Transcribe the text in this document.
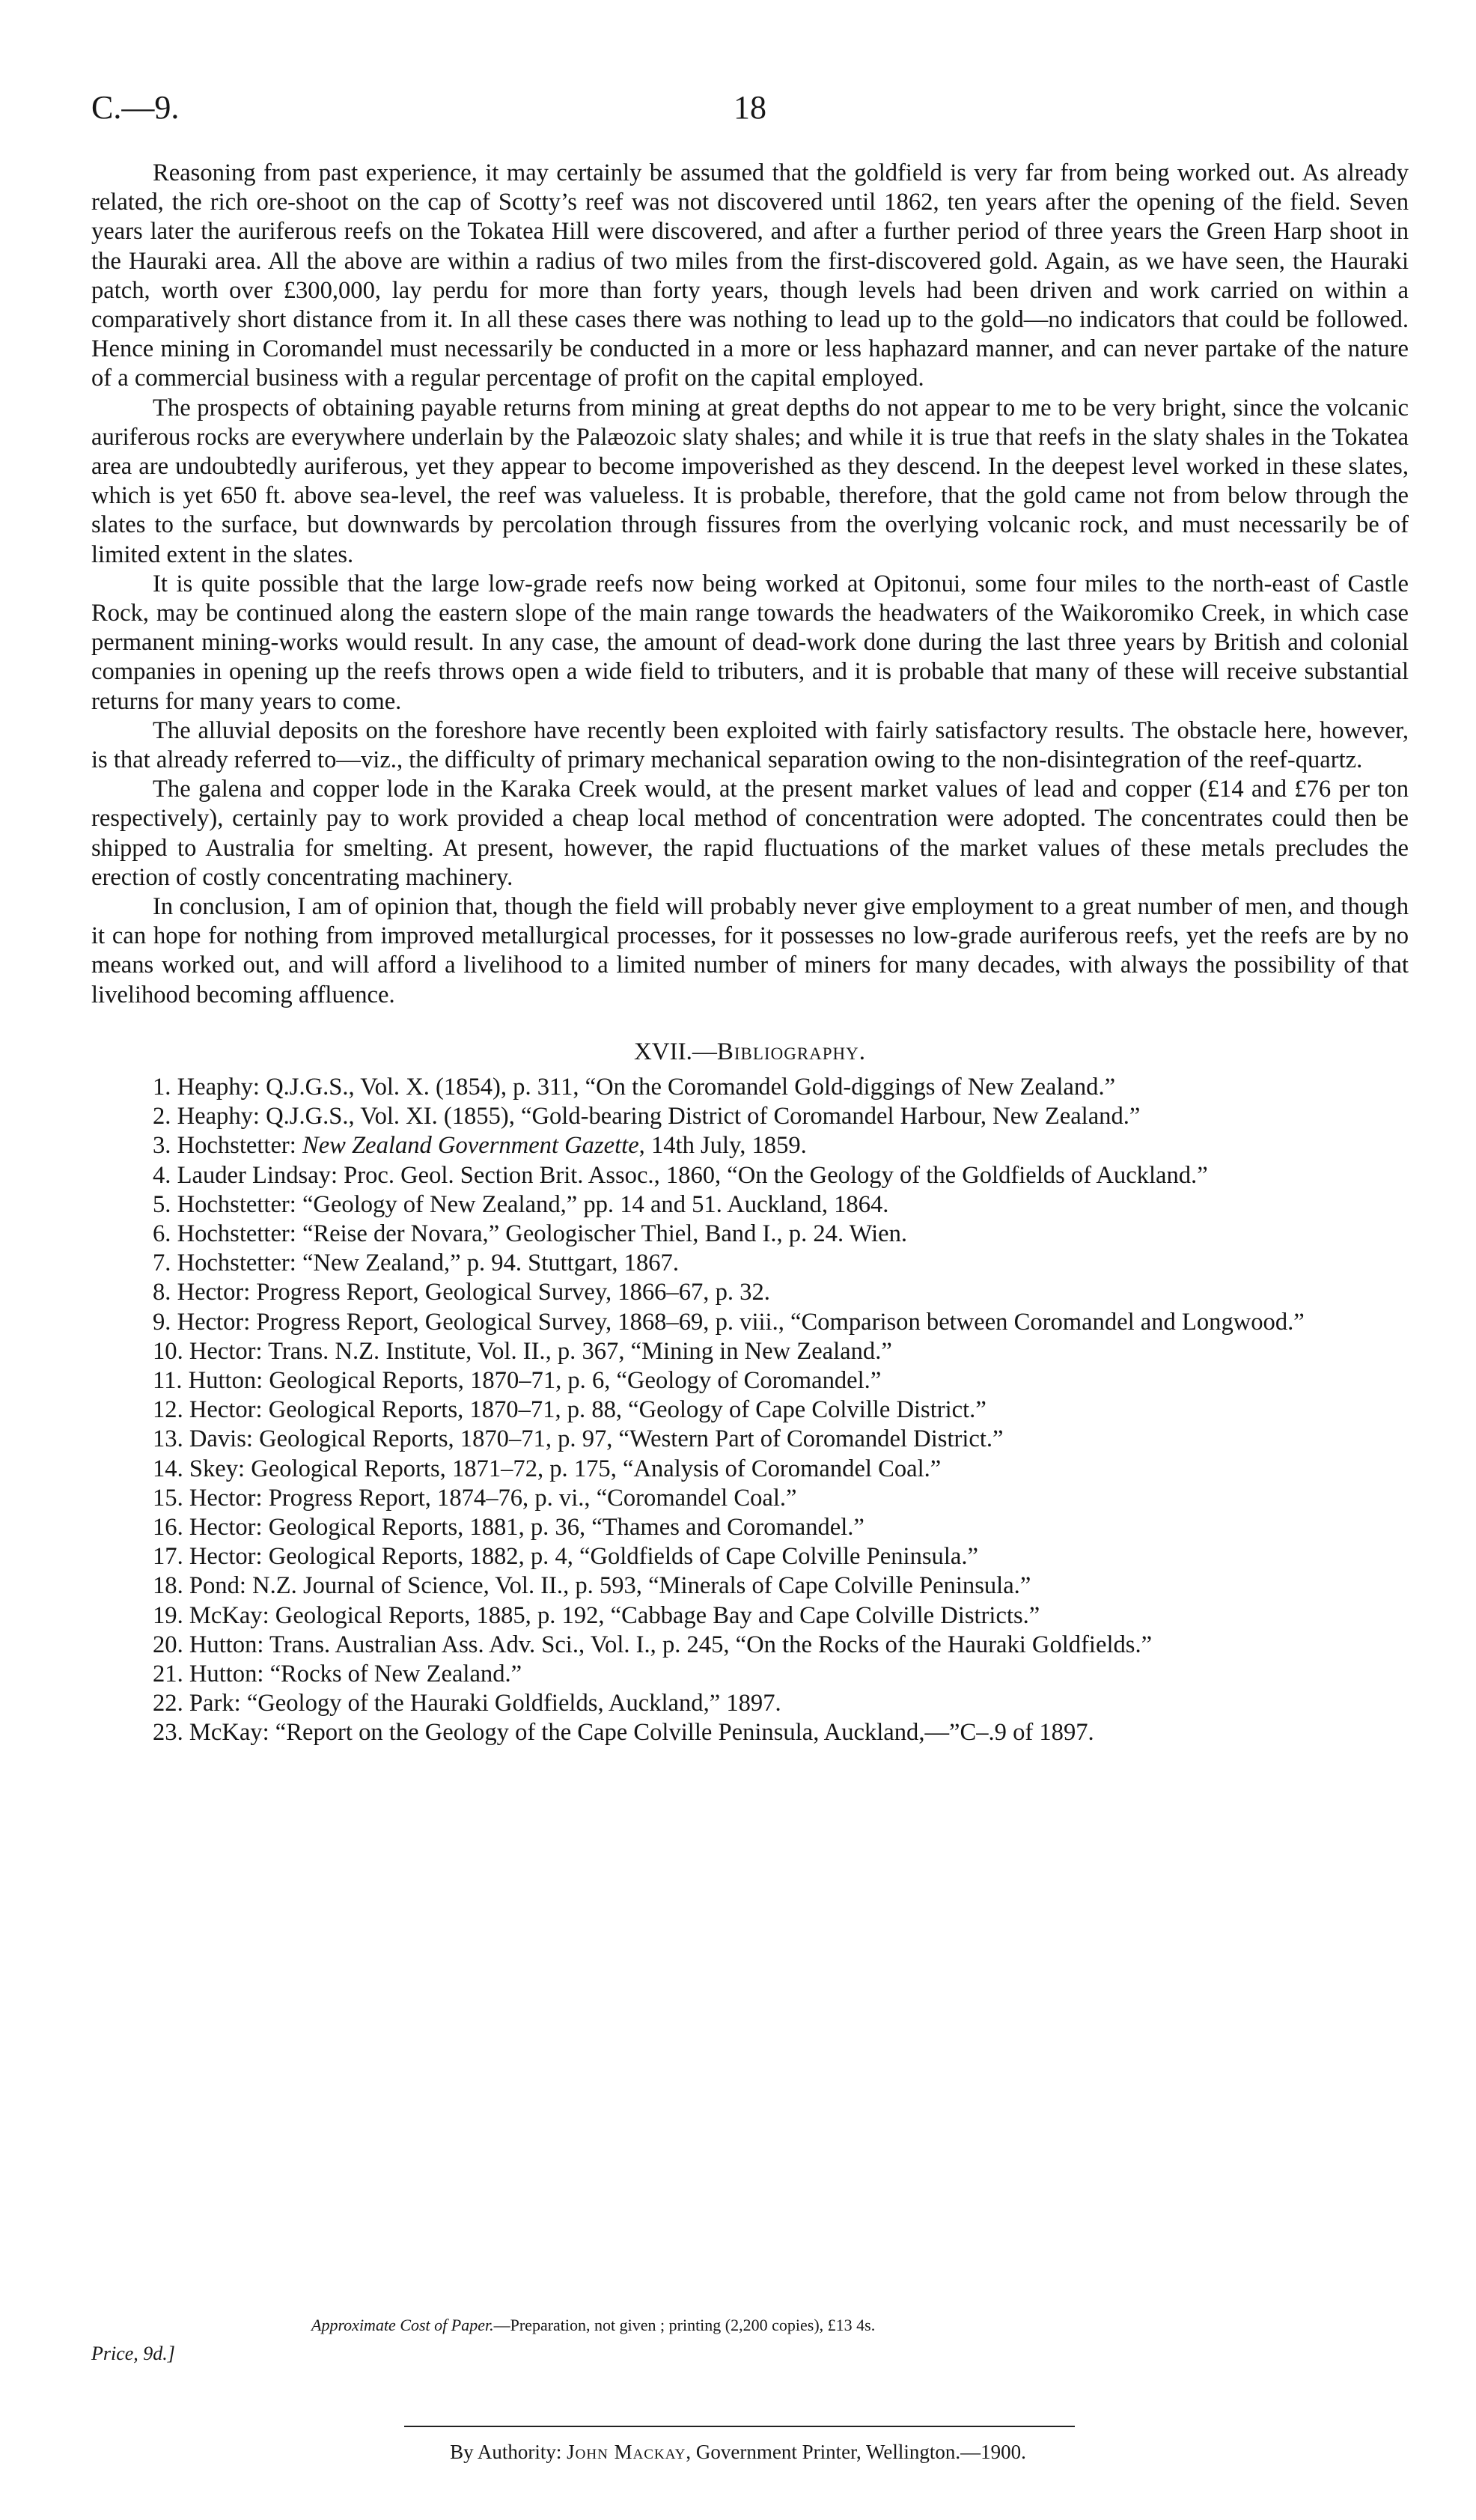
C.—9.	18

Reasoning from past experience, it may certainly be assumed that the goldfield is very far from being worked out. As already related, the rich ore-shoot on the cap of Scotty’s reef was not discovered until 1862, ten years after the opening of the field. Seven years later the auriferous reefs on the Tokatea Hill were discovered, and after a further period of three years the Green Harp shoot in the Hauraki area. All the above are within a radius of two miles from the first-discovered gold. Again, as we have seen, the Hauraki patch, worth over £300,000, lay perdu for more than forty years, though levels had been driven and work carried on within a comparatively short distance from it. In all these cases there was nothing to lead up to the gold—no indicators that could be followed. Hence mining in Coromandel must necessarily be conducted in a more or less haphazard manner, and can never partake of the nature of a commercial business with a regular percentage of profit on the capital employed.

The prospects of obtaining payable returns from mining at great depths do not appear to me to be very bright, since the volcanic auriferous rocks are everywhere underlain by the Palæozoic slaty shales; and while it is true that reefs in the slaty shales in the Tokatea area are undoubtedly auriferous, yet they appear to become impoverished as they descend. In the deepest level worked in these slates, which is yet 650 ft. above sea-level, the reef was valueless. It is probable, therefore, that the gold came not from below through the slates to the surface, but downwards by percolation through fissures from the overlying volcanic rock, and must necessarily be of limited extent in the slates.

It is quite possible that the large low-grade reefs now being worked at Opitonui, some four miles to the north-east of Castle Rock, may be continued along the eastern slope of the main range towards the headwaters of the Waikoromiko Creek, in which case permanent mining-works would result. In any case, the amount of dead-work done during the last three years by British and colonial companies in opening up the reefs throws open a wide field to tributers, and it is probable that many of these will receive substantial returns for many years to come.

The alluvial deposits on the foreshore have recently been exploited with fairly satisfactory results. The obstacle here, however, is that already referred to—viz., the difficulty of primary mechanical separation owing to the non-disintegration of the reef-quartz.

The galena and copper lode in the Karaka Creek would, at the present market values of lead and copper (£14 and £76 per ton respectively), certainly pay to work provided a cheap local method of concentration were adopted. The concentrates could then be shipped to Australia for smelting. At present, however, the rapid fluctuations of the market values of these metals precludes the erection of costly concentrating machinery.

In conclusion, I am of opinion that, though the field will probably never give employment to a great number of men, and though it can hope for nothing from improved metallurgical processes, for it possesses no low-grade auriferous reefs, yet the reefs are by no means worked out, and will afford a livelihood to a limited number of miners for many decades, with always the possibility of that livelihood becoming affluence.

XVII.—Bibliography.
1. Heaphy: Q.J.G.S., Vol. X. (1854), p. 311, “On the Coromandel Gold-diggings of New Zealand.”
2. Heaphy: Q.J.G.S., Vol. XI. (1855), “Gold-bearing District of Coromandel Harbour, New Zealand.”
3. Hochstetter: New Zealand Government Gazette, 14th July, 1859.
4. Lauder Lindsay: Proc. Geol. Section Brit. Assoc., 1860, “On the Geology of the Goldfields of Auckland.”
5. Hochstetter: “Geology of New Zealand,” pp. 14 and 51. Auckland, 1864.
6. Hochstetter: “Reise der Novara,” Geologischer Thiel, Band I., p. 24. Wien.
7. Hochstetter: “New Zealand,” p. 94. Stuttgart, 1867.
8. Hector: Progress Report, Geological Survey, 1866–67, p. 32.
9. Hector: Progress Report, Geological Survey, 1868–69, p. viii., “Comparison between Coromandel and Longwood.”
10. Hector: Trans. N.Z. Institute, Vol. II., p. 367, “Mining in New Zealand.”
11. Hutton: Geological Reports, 1870–71, p. 6, “Geology of Coromandel.”
12. Hector: Geological Reports, 1870–71, p. 88, “Geology of Cape Colville District.”
13. Davis: Geological Reports, 1870–71, p. 97, “Western Part of Coromandel District.”
14. Skey: Geological Reports, 1871–72, p. 175, “Analysis of Coromandel Coal.”
15. Hector: Progress Report, 1874–76, p. vi., “Coromandel Coal.”
16. Hector: Geological Reports, 1881, p. 36, “Thames and Coromandel.”
17. Hector: Geological Reports, 1882, p. 4, “Goldfields of Cape Colville Peninsula.”
18. Pond: N.Z. Journal of Science, Vol. II., p. 593, “Minerals of Cape Colville Peninsula.”
19. McKay: Geological Reports, 1885, p. 192, “Cabbage Bay and Cape Colville Districts.”
20. Hutton: Trans. Australian Ass. Adv. Sci., Vol. I., p. 245, “On the Rocks of the Hauraki Goldfields.”
21. Hutton: “Rocks of New Zealand.”
22. Park: “Geology of the Hauraki Goldfields, Auckland,” 1897.
23. McKay: “Report on the Geology of the Cape Colville Peninsula, Auckland,—”C–.9 of 1897.
Approximate Cost of Paper.—Preparation, not given ; printing (2,200 copies), £13 4s.
Price, 9d.]
By Authority: John Mackay, Government Printer, Wellington.—1900.
